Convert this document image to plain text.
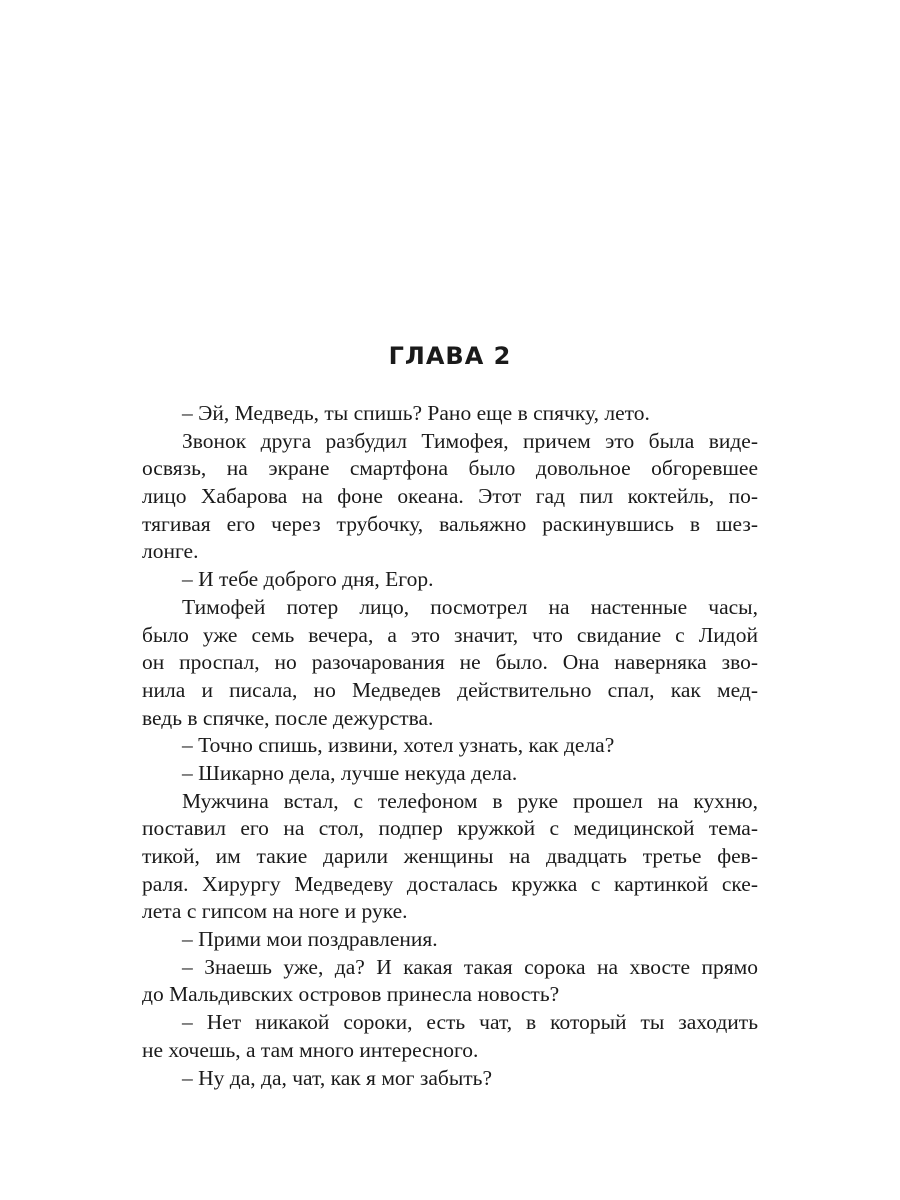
ГЛАВА 2
– Эй, Медведь, ты спишь? Рано еще в спячку, лето.
Звонок друга разбудил Тимофея, причем это была виде-
освязь, на экране смартфона было довольное обгоревшее
лицо Хабарова на фоне океана. Этот гад пил коктейль, по-
тягивая его через трубочку, вальяжно раскинувшись в шез-
лонге.
– И тебе доброго дня, Егор.
Тимофей потер лицо, посмотрел на настенные часы,
было уже семь вечера, а это значит, что свидание с Лидой
он проспал, но разочарования не было. Она наверняка зво-
нила и писала, но Медведев действительно спал, как мед-
ведь в спячке, после дежурства.
– Точно спишь, извини, хотел узнать, как дела?
– Шикарно дела, лучше некуда дела.
Мужчина встал, с телефоном в руке прошел на кухню,
поставил его на стол, подпер кружкой с медицинской тема-
тикой, им такие дарили женщины на двадцать третье фев-
раля. Хирургу Медведеву досталась кружка с картинкой ске-
лета с гипсом на ноге и руке.
– Прими мои поздравления.
– Знаешь уже, да? И какая такая сорока на хвосте прямо
до Мальдивских островов принесла новость?
– Нет никакой сороки, есть чат, в который ты заходить
не хочешь, а там много интересного.
– Ну да, да, чат, как я мог забыть?
